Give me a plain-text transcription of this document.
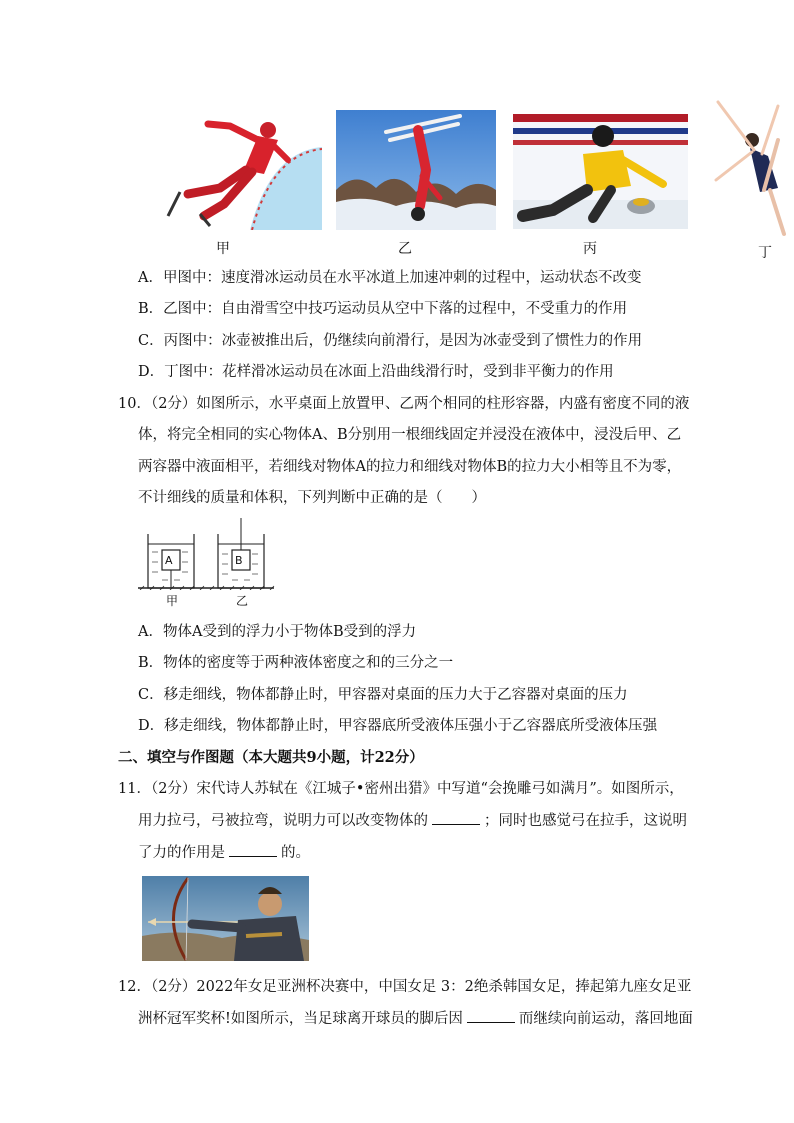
甲	乙	丙	丁
A．甲图中：速度滑冰运动员在水平冰道上加速冲刺的过程中，运动状态不改变
B．乙图中：自由滑雪空中技巧运动员从空中下落的过程中，不受重力的作用
C．丙图中：冰壶被推出后，仍继续向前滑行，是因为冰壶受到了惯性力的作用
D．丁图中：花样滑冰运动员在冰面上沿曲线滑行时，受到非平衡力的作用
10．（2分）如图所示，水平桌面上放置甲、乙两个相同的柱形容器，内盛有密度不同的液
体，将完全相同的实心物体A、B分别用一根细线固定并浸没在液体中，浸没后甲、乙
两容器中液面相平，若细线对物体A的拉力和细线对物体B的拉力大小相等且不为零，
不计细线的质量和体积，下列判断中正确的是（　　）
A	B
甲	乙
A．物体A受到的浮力小于物体B受到的浮力
B．物体的密度等于两种液体密度之和的三分之一
C．移走细线，物体都静止时，甲容器对桌面的压力大于乙容器对桌面的压力
D．移走细线，物体都静止时，甲容器底所受液体压强小于乙容器底所受液体压强
二、填空与作图题（本大题共9小题，计22分）
11．（2分）宋代诗人苏轼在《江城子•密州出猎》中写道“会挽雕弓如满月”。如图所示，
用力拉弓，弓被拉弯，说明力可以改变物体的	；同时也感觉弓在拉手，这说明
了力的作用是	的。
12．（2分）2022年女足亚洲杯决赛中，中国女足 3：2绝杀韩国女足，捧起第九座女足亚
洲杯冠军奖杯!如图所示，当足球离开球员的脚后因	而继续向前运动，落回地面
